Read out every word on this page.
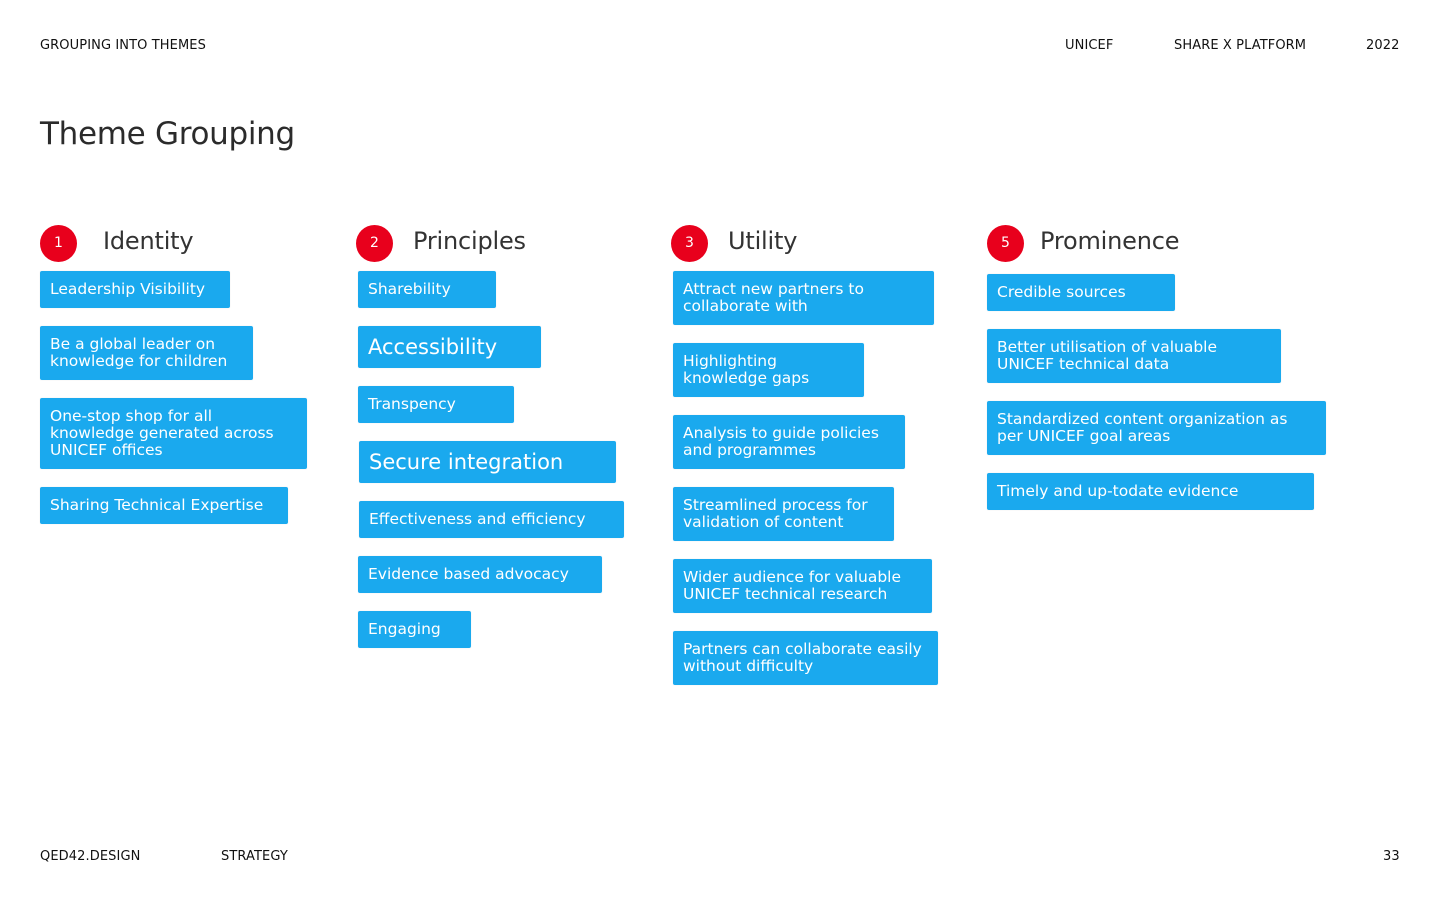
GROUPING INTO THEMES	UNICEF	SHARE X PLATFORM	2022
Theme Grouping
1	Identity
Leadership Visibility
Be a global leader on knowledge for children
One-stop shop for all knowledge generated across UNICEF offices
Sharing Technical Expertise
2	Principles
Sharebility
Accessibility
Transpency
Secure integration
Effectiveness and efficiency
Evidence based advocacy
Engaging
3	Utility
Attract new partners to collaborate with
Highlighting knowledge gaps
Analysis to guide policies and programmes
Streamlined process for validation of content
Wider audience for valuable UNICEF technical research
Partners can collaborate easily without difficulty
5	Prominence
Credible sources
Better utilisation of valuable UNICEF technical data
Standardized content organization as per UNICEF goal areas
Timely and up-todate evidence
QED42.DESIGN	STRATEGY	33
